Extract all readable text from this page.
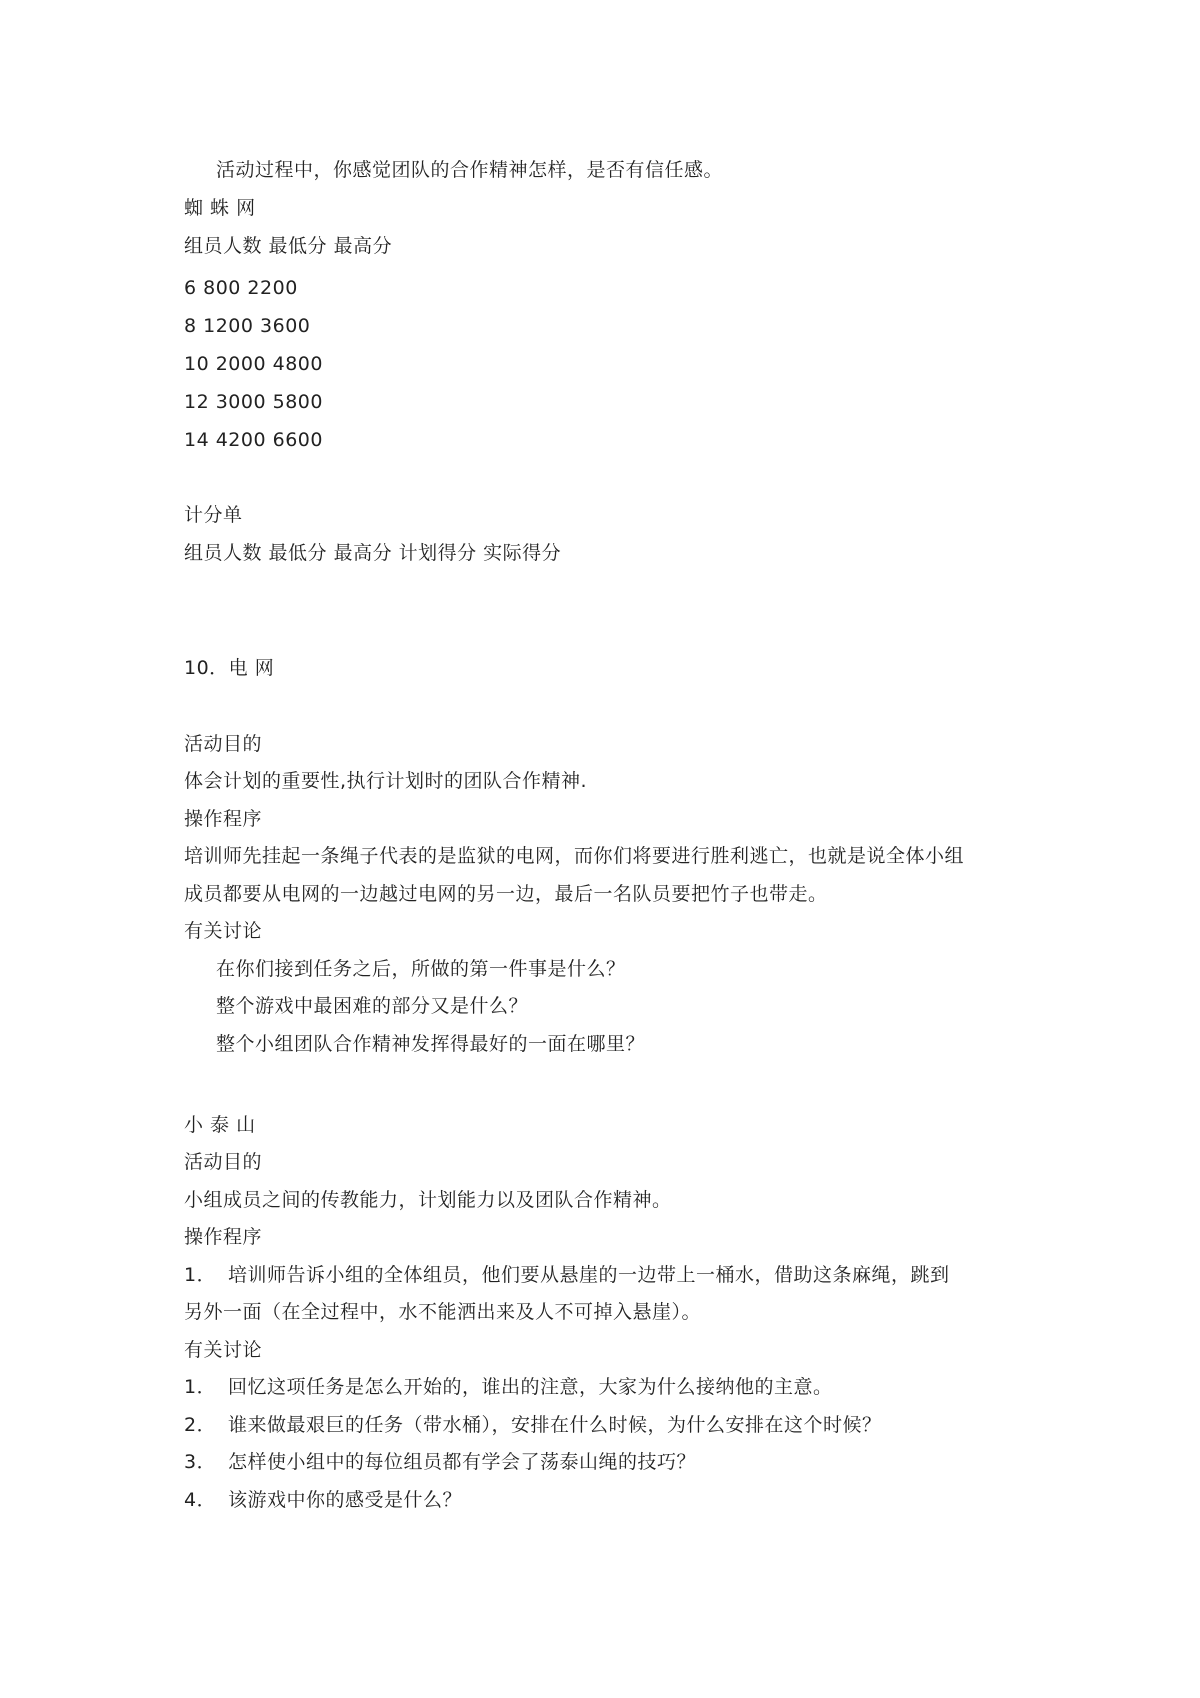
活动过程中，你感觉团队的合作精神怎样，是否有信任感。
蜘 蛛 网
组员人数 最低分 最高分
6 800 2200
8 1200 3600
10 2000 4800
12 3000 5800
14 4200 6600
计分单
组员人数 最低分 最高分 计划得分 实际得分
10．电 网
活动目的
体会计划的重要性,执行计划时的团队合作精神.
操作程序
培训师先挂起一条绳子代表的是监狱的电网，而你们将要进行胜利逃亡，也就是说全体小组
成员都要从电网的一边越过电网的另一边，最后一名队员要把竹子也带走。
有关讨论
在你们接到任务之后，所做的第一件事是什么？
整个游戏中最困难的部分又是什么？
整个小组团队合作精神发挥得最好的一面在哪里？
小 泰 山
活动目的
小组成员之间的传教能力，计划能力以及团队合作精神。
操作程序
1． 培训师告诉小组的全体组员，他们要从悬崖的一边带上一桶水，借助这条麻绳，跳到
另外一面（在全过程中，水不能洒出来及人不可掉入悬崖）。
有关讨论
1． 回忆这项任务是怎么开始的，谁出的注意，大家为什么接纳他的主意。
2． 谁来做最艰巨的任务（带水桶），安排在什么时候，为什么安排在这个时候？
3． 怎样使小组中的每位组员都有学会了荡泰山绳的技巧？
4． 该游戏中你的感受是什么？
